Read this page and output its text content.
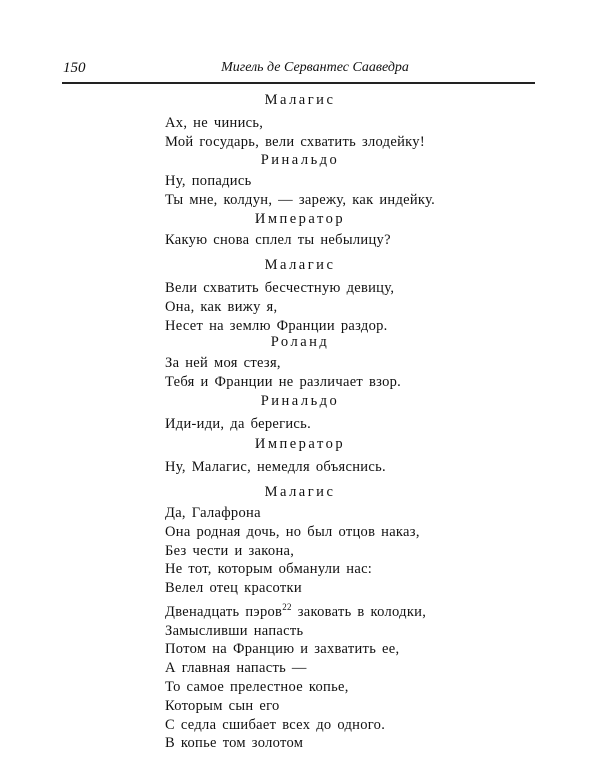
150	Мигель де Сервантес Сааведра
Малагис
Ах, не чинись,
Мой государь, вели схватить злодейку!
Ринальдо
Ну, попадись
Ты мне, колдун, — зарежу, как индейку.
Император
Какую снова сплел ты небылицу?
Малагис
Вели схватить бесчестную девицу,
Она, как вижу я,
Несет на землю Франции раздор.
Роланд
За ней моя стезя,
Тебя и Франции не различает взор.
Ринальдо
Иди-иди, да берегись.
Император
Ну, Малагис, немедля объяснись.
Малагис
Да, Галафрона
Она родная дочь, но был отцов наказ,
Без чести и закона,
Не тот, которым обманули нас:
Велел отец красотки
Двенадцать пэров$^{22}$ заковать в колодки,
Замысливши напасть
Потом на Францию и захватить ее,
А главная напасть —
То самое прелестное копье,
Которым сын его
С седла сшибает всех до одного.
В копье том золотом
